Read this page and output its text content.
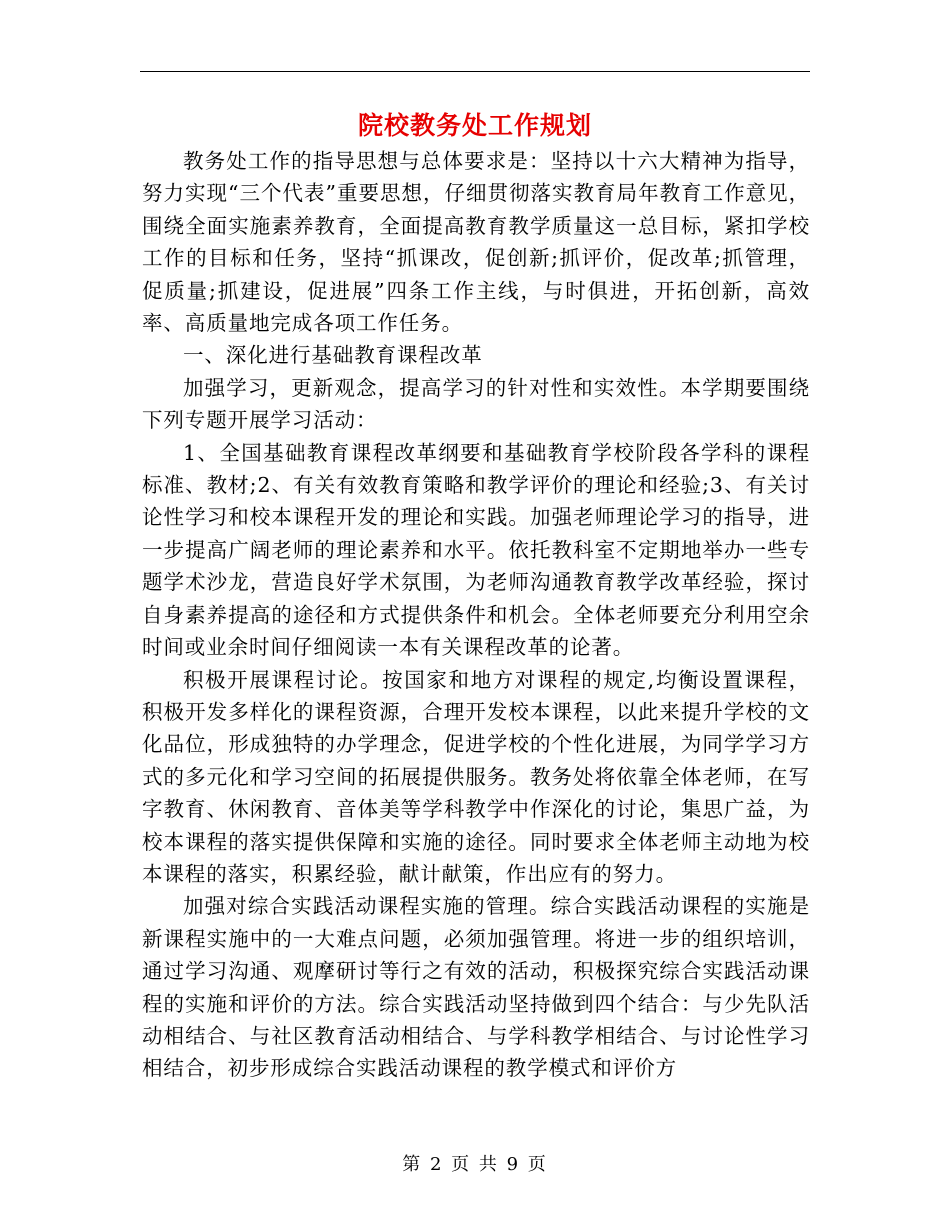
院校教务处工作规划

教务处工作的指导思想与总体要求是：坚持以十六大精神为指导，努力实现“三个代表”重要思想，仔细贯彻落实教育局年教育工作意见，围绕全面实施素养教育，全面提高教育教学质量这一总目标，紧扣学校工作的目标和任务，坚持“抓课改，促创新;抓评价，促改革;抓管理，促质量;抓建设，促进展”四条工作主线，与时俱进，开拓创新，高效率、高质量地完成各项工作任务。

一、深化进行基础教育课程改革

加强学习，更新观念，提高学习的针对性和实效性。本学期要围绕下列专题开展学习活动：

1、全国基础教育课程改革纲要和基础教育学校阶段各学科的课程标准、教材;2、有关有效教育策略和教学评价的理论和经验;3、有关讨论性学习和校本课程开发的理论和实践。加强老师理论学习的指导，进一步提高广阔老师的理论素养和水平。依托教科室不定期地举办一些专题学术沙龙，营造良好学术氛围，为老师沟通教育教学改革经验，探讨自身素养提高的途径和方式提供条件和机会。全体老师要充分利用空余时间或业余时间仔细阅读一本有关课程改革的论著。

积极开展课程讨论。按国家和地方对课程的规定,均衡设置课程，积极开发多样化的课程资源，合理开发校本课程，以此来提升学校的文化品位，形成独特的办学理念，促进学校的个性化进展，为同学学习方式的多元化和学习空间的拓展提供服务。教务处将依靠全体老师，在写字教育、休闲教育、音体美等学科教学中作深化的讨论，集思广益，为校本课程的落实提供保障和实施的途径。同时要求全体老师主动地为校本课程的落实，积累经验，献计献策，作出应有的努力。

加强对综合实践活动课程实施的管理。综合实践活动课程的实施是新课程实施中的一大难点问题，必须加强管理。将进一步的组织培训，通过学习沟通、观摩研讨等行之有效的活动，积极探究综合实践活动课程的实施和评价的方法。综合实践活动坚持做到四个结合：与少先队活动相结合、与社区教育活动相结合、与学科教学相结合、与讨论性学习相结合，初步形成综合实践活动课程的教学模式和评价方

第 2 页 共 9 页
